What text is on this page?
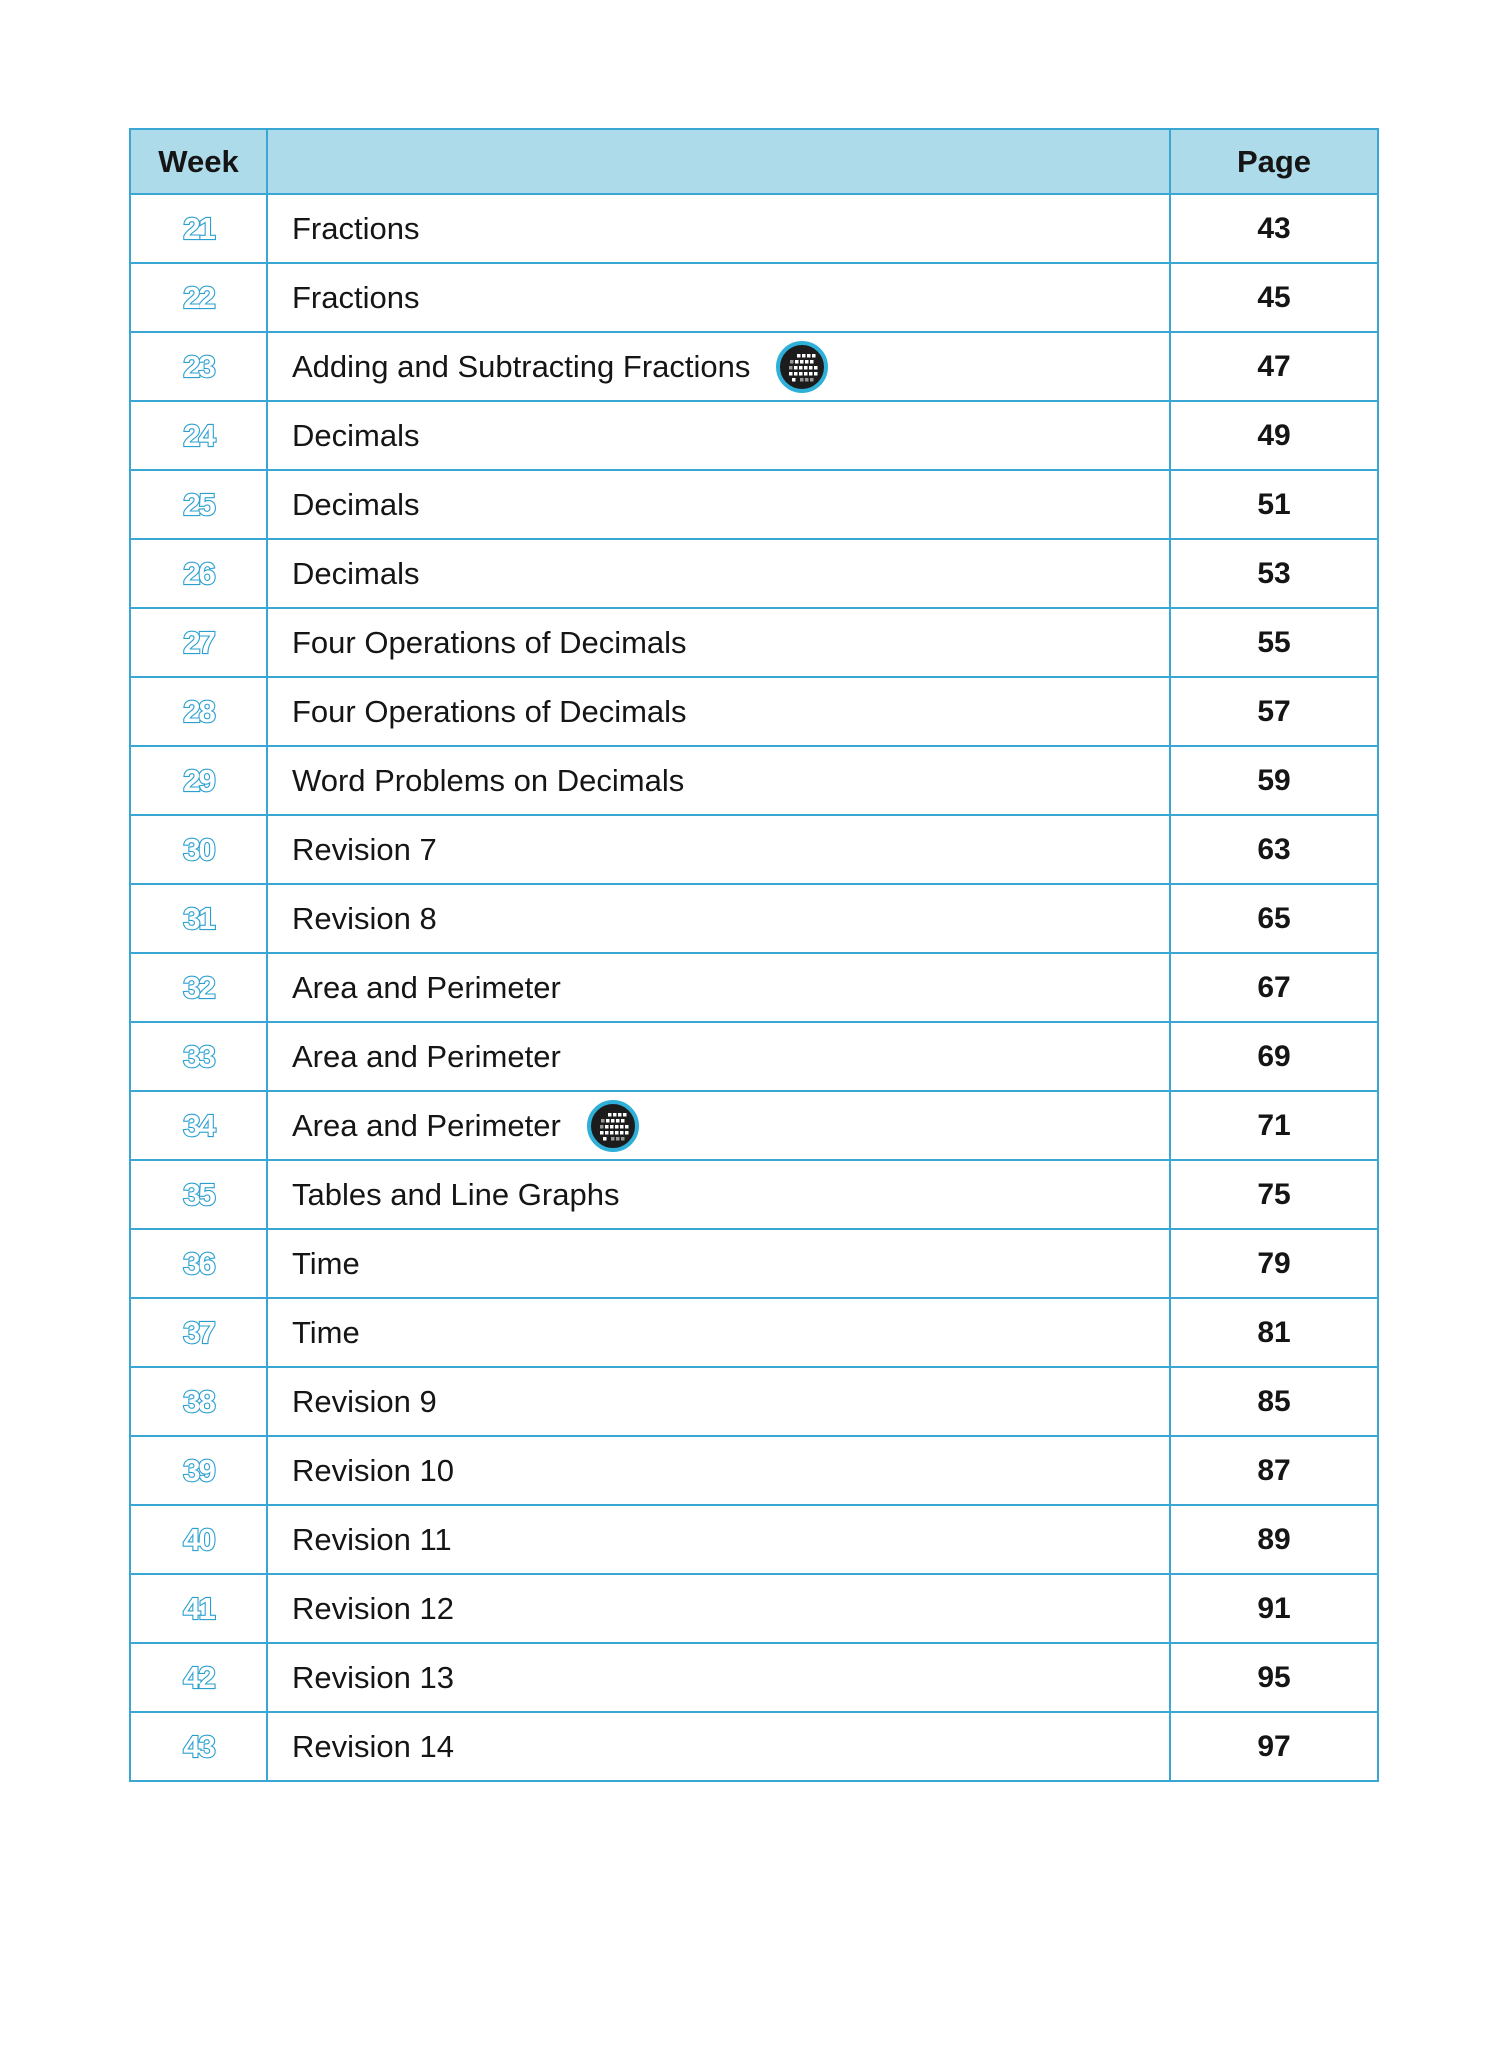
Week		Page
21	Fractions	43
22	Fractions	45
23	Adding and Subtracting Fractions	47
24	Decimals	49
25	Decimals	51
26	Decimals	53
27	Four Operations of Decimals	55
28	Four Operations of Decimals	57
29	Word Problems on Decimals	59
30	Revision 7	63
31	Revision 8	65
32	Area and Perimeter	67
33	Area and Perimeter	69
34	Area and Perimeter	71
35	Tables and Line Graphs	75
36	Time	79
37	Time	81
38	Revision 9	85
39	Revision 10	87
40	Revision 11	89
41	Revision 12	91
42	Revision 13	95
43	Revision 14	97
